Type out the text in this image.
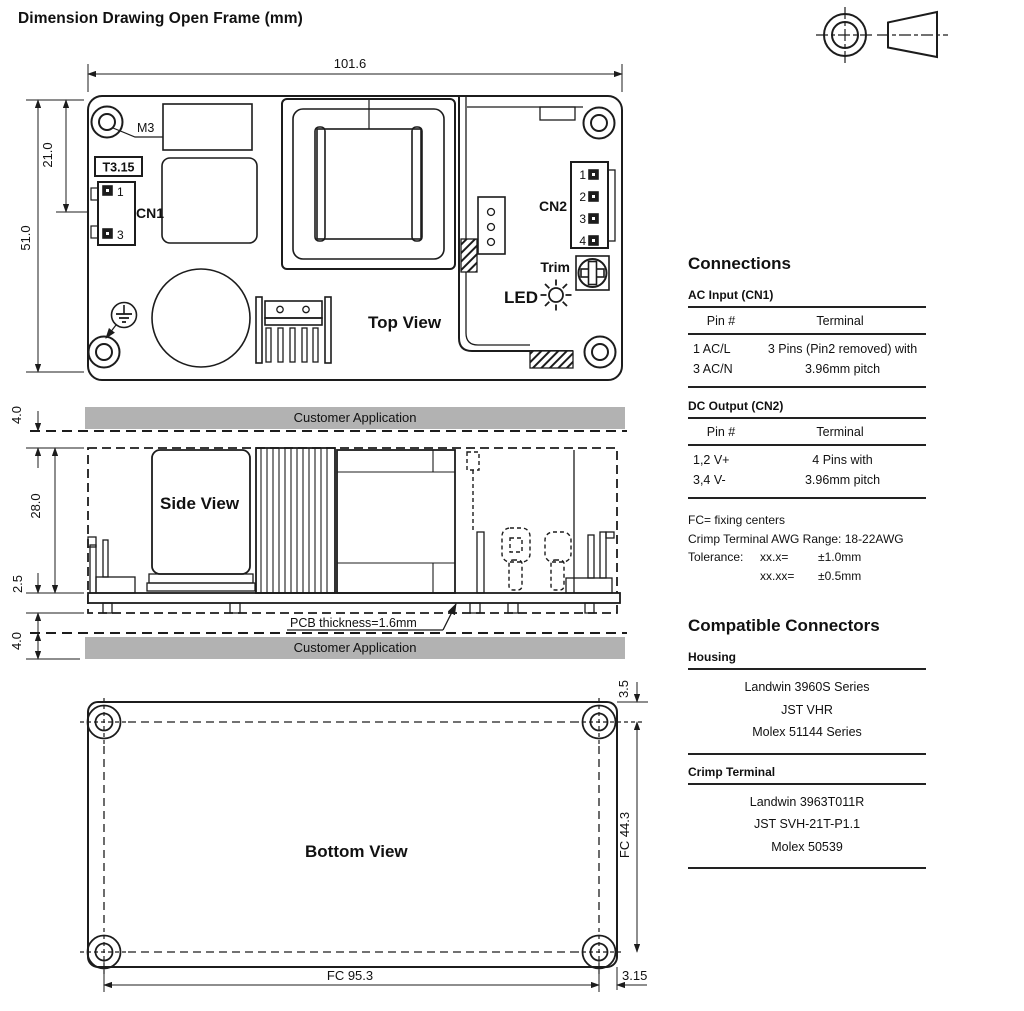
Dimension Drawing Open Frame (mm)
101.6
51.0
21.0
M3
T3.15
1
3
CN1	CN2
1
2
3
4
Trim
LED
Top View
Customer Application
Customer Application
Side View
PCB thickness=1.6mm
4.0
28.0
2.5
4.0
Bottom View
3.5
FC 44.3
FC 95.3	3.15
Connections
AC Input (CN1)
Pin #	Terminal
1 AC/L	3 Pins (Pin2 removed) with
3 AC/N	3.96mm pitch
DC Output (CN2)
Pin #	Terminal
1,2 V+	4 Pins with
3,4 V-	3.96mm pitch
FC= fixing centers
Crimp Terminal AWG Range: 18-22AWG
Tolerance:	xx.x=	±1.0mm
xx.xx=	±0.5mm
Compatible Connectors
Housing
Landwin 3960S Series
JST VHR
Molex 51144 Series
Crimp Terminal
Landwin 3963T011R
JST SVH-21T-P1.1
Molex 50539
